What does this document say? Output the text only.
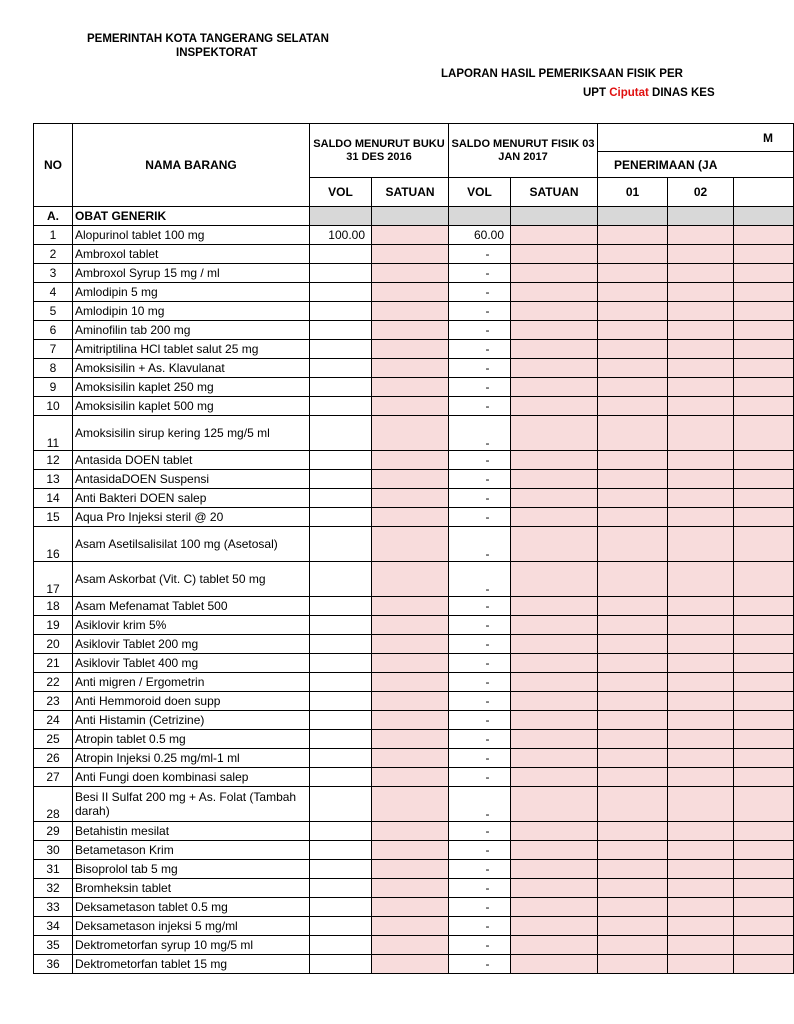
PEMERINTAH KOTA TANGERANG SELATAN
INSPEKTORAT
LAPORAN HASIL PEMERIKSAAN FISIK PER
UPT Ciputat DINAS KES
NO	NAMA BARANG	SALDO MENURUT BUKU 31 DES 2016		SALDO MENURUT FISIK 03 JAN 2017		M		
						PENERIMAAN (JA		
		VOL	SATUAN	VOL	SATUAN	01	02	
A.	OBAT GENERIK							
1	Alopurinol tablet 100 mg	100.00		60.00				
2	Ambroxol tablet			-				
3	Ambroxol Syrup 15 mg / ml			-				
4	Amlodipin 5 mg			-				
5	Amlodipin 10 mg			-				
6	Aminofilin tab 200 mg			-				
7	Amitriptilina HCl tablet salut 25 mg			-				
8	Amoksisilin + As. Klavulanat			-				
9	Amoksisilin kaplet 250 mg			-				
10	Amoksisilin kaplet 500 mg			-				
11	Amoksisilin sirup kering 125 mg/5 ml			-				
12	Antasida DOEN tablet			-				
13	AntasidaDOEN Suspensi			-				
14	Anti Bakteri DOEN salep			-				
15	Aqua Pro Injeksi steril @ 20			-				
16	Asam Asetilsalisilat 100 mg (Asetosal)			-				
17	Asam Askorbat (Vit. C) tablet 50 mg			-				
18	Asam Mefenamat Tablet 500			-				
19	Asiklovir krim 5%			-				
20	Asiklovir Tablet 200 mg			-				
21	Asiklovir Tablet 400 mg			-				
22	Anti migren / Ergometrin			-				
23	Anti Hemmoroid doen supp			-				
24	Anti Histamin (Cetrizine)			-				
25	Atropin tablet 0.5 mg			-				
26	Atropin Injeksi 0.25 mg/ml-1 ml			-				
27	Anti Fungi doen kombinasi salep			-				
28	Besi II Sulfat 200 mg + As. Folat (Tambah darah)			-				
29	Betahistin mesilat			-				
30	Betametason Krim			-				
31	Bisoprolol tab 5 mg			-				
32	Bromheksin tablet			-				
33	Deksametason tablet 0.5 mg			-				
34	Deksametason injeksi 5 mg/ml			-				
35	Dektrometorfan syrup 10 mg/5 ml			-				
36	Dektrometorfan tablet 15 mg			-				
